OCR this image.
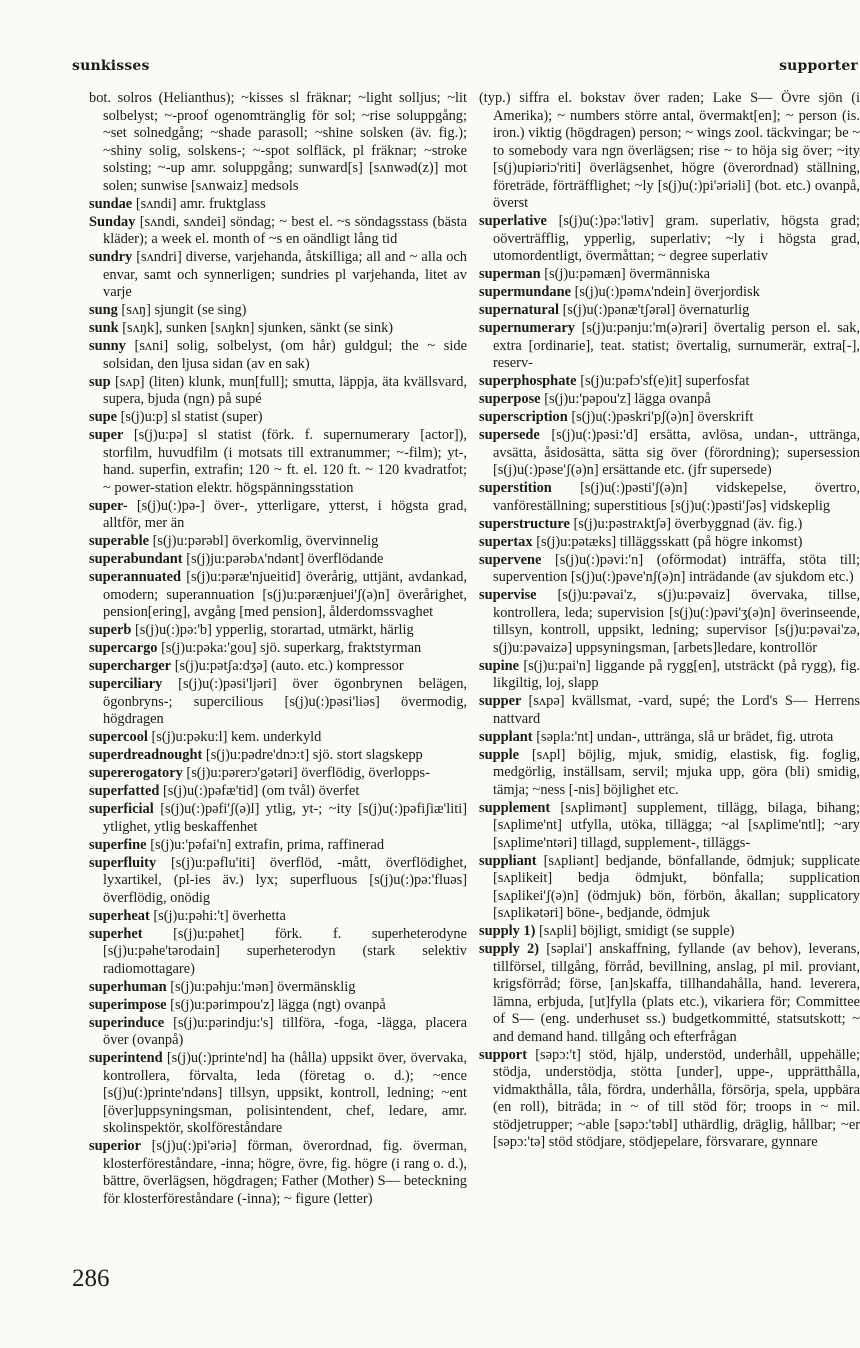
sunkisses	supporter

bot. solros (Helianthus); ~kisses sl fräknar; ~light solljus; ~lit solbelyst; ~-proof ogenomtränglig för sol; ~rise soluppgång; ~set solnedgång; ~shade parasoll; ~shine solsken (äv. fig.); ~shiny solig, solskens-; ~-spot solfläck, pl fräknar; ~stroke solsting; ~-up amr. soluppgång; sunward[s] [sʌnwəd(z)] mot solen; sunwise [sʌnwaiz] medsols

sundae [sʌndi] amr. fruktglass

Sunday [sʌndi, sʌndei] söndag; ~ best el. ~s söndagsstass (bästa kläder); a week el. month of ~s en oändligt lång tid

sundry [sʌndri] diverse, varjehanda, åtskilliga; all and ~ alla och envar, samt och synnerligen; sundries pl varjehanda, litet av varje

sung [sʌŋ] sjungit (se sing)

sunk [sʌŋk], sunken [sʌŋkn] sjunken, sänkt (se sink)

sunny [sʌni] solig, solbelyst, (om hår) guldgul; the ~ side solsidan, den ljusa sidan (av en sak)

sup [sʌp] (liten) klunk, mun[full]; smutta, läppja, äta kvällsvard, supera, bjuda (ngn) på supé

supe [s(j)u:p] sl statist (super)

super [s(j)u:pə] sl statist (förk. f. supernumerary [actor]), storfilm, huvudfilm (i motsats till extranummer; ~-film); yt-, hand. superfin, extrafin; 120 ~ ft. el. 120 ft. ~ 120 kvadratfot; ~ power-station elektr. högspänningsstation

super- [s(j)u(:)pə-] över-, ytterligare, ytterst, i högsta grad, alltför, mer än

superable [s(j)u:pərəbl] överkomlig, övervinnelig

superabundant [s(j)ju:pərəbʌ'ndənt] överflödande

superannuated [s(j)u:pəræ'njueitid] överårig, uttjänt, avdankad, omodern; superannuation [s(j)u:pərænjuei'ʃ(ə)n] överårighet, pension[ering], avgång [med pension], ålderdomssvaghet

superb [s(j)u(:)pə:'b] ypperlig, storartad, utmärkt, härlig

supercargo [s(j)u:pəka:'gou] sjö. superkarg, fraktstyrman

supercharger [s(j)u:pətʃa:dʒə] (auto. etc.) kompressor

superciliary [s(j)u(:)pəsi'ljəri] över ögonbrynen belägen, ögonbryns-; supercilious [s(j)u(:)pəsi'liəs] övermodig, högdragen

supercool [s(j)u:pəku:l] kem. underkyld

superdreadnought [s(j)u:pədre'dnɔ:t] sjö. stort slagskepp

supererogatory [s(j)u:pərerɔ'gətəri] överflödig, överlopps-

superfatted [s(j)u(:)pəfæ'tid] (om tvål) överfet

superficial [s(j)u(:)pəfi'ʃ(ə)l] ytlig, yt-; ~ity [s(j)u(:)pəfiʃiæ'liti] ytlighet, ytlig beskaffenhet

superfine [s(j)u:'pəfai'n] extrafin, prima, raffinerad

superfluity [s(j)u:pəflu'iti] överflöd, -mått, överflödighet, lyxartikel, (pl-ies äv.) lyx; superfluous [s(j)u(:)pə:'fluəs] överflödig, onödig

superheat [s(j)u:pəhi:'t] överhetta

superhet [s(j)u:pəhet] förk. f. superheterodyne [s(j)u:pəhe'tərodain] superheterodyn (stark selektiv radiomottagare)

superhuman [s(j)u:pəhju:'mən] övermänsklig

superimpose [s(j)u:pərimpou'z] lägga (ngt) ovanpå

superinduce [s(j)u:pərindju:'s] tillföra, -foga, -lägga, placera över (ovanpå)

superintend [s(j)u(:)printe'nd] ha (hålla) uppsikt över, övervaka, kontrollera, förvalta, leda (företag o. d.); ~ence [s(j)u(:)printe'ndəns] tillsyn, uppsikt, kontroll, ledning; ~ent [över]uppsyningsman, polisintendent, chef, ledare, amr. skolinspektör, skolföreståndare

superior [s(j)u(:)pi'əriə] förman, överordnad, fig. överman, klosterföreståndare, -inna; högre, övre, fig. högre (i rang o. d.), bättre, överlägsen, högdragen; Father (Mother) S— beteckning för klosterföreståndare (-inna); ~ figure (letter)

(typ.) siffra el. bokstav över raden; Lake S— Övre sjön (i Amerika); ~ numbers större antal, övermakt[en]; ~ person (is. iron.) viktig (högdragen) person; ~ wings zool. täckvingar; be ~ to somebody vara ngn överlägsen; rise ~ to höja sig över; ~ity [s(j)upiəriɔ'riti] överlägsenhet, högre (överordnad) ställning, företräde, förträfflighet; ~ly [s(j)u(:)pi'əriəli] (bot. etc.) ovanpå, överst

superlative [s(j)u(:)pə:'lətiv] gram. superlativ, högsta grad; oöverträfflig, ypperlig, superlativ; ~ly i högsta grad, utomordentligt, övermåttan; ~ degree superlativ

superman [s(j)u:pəmæn] övermänniska

supermundane [s(j)u(:)pəmʌ'ndein] överjordisk

supernatural [s(j)u(:)pənæ'tʃərəl] övernaturlig

supernumerary [s(j)u:pənju:'m(ə)rəri] övertalig person el. sak, extra [ordinarie], teat. statist; övertalig, surnumerär, extra[-], reserv-

superphosphate [s(j)u:pəfɔ'sf(e)it] superfosfat

superpose [s(j)u:'pəpou'z] lägga ovanpå

superscription [s(j)u(:)pəskri'pʃ(ə)n] överskrift

supersede [s(j)u(:)pəsi:'d] ersätta, avlösa, undan-, uttränga, avsätta, åsidosätta, sätta sig över (förordning); supersession [s(j)u(:)pəse'ʃ(ə)n] ersättande etc. (jfr supersede)

superstition [s(j)u(:)pəsti'ʃ(ə)n] vidskepelse, övertro, vanföreställning; superstitious [s(j)u(:)pəsti'ʃəs] vidskeplig

superstructure [s(j)u:pəstrʌktʃə] överbyggnad (äv. fig.)

supertax [s(j)u:pətæks] tilläggsskatt (på högre inkomst)

supervene [s(j)u(:)pəvi:'n] (oförmodat) inträffa, stöta till; supervention [s(j)u(:)pəve'nʃ(ə)n] inträdande (av sjukdom etc.)

supervise [s(j)u:pəvai'z, s(j)u:pəvaiz] övervaka, tillse, kontrollera, leda; supervision [s(j)u(:)pəvi'ʒ(ə)n] överinseende, tillsyn, kontroll, uppsikt, ledning; supervisor [s(j)u:pəvai'zə, s(j)u:pəvaizə] uppsyningsman, [arbets]ledare, kontrollör

supine [s(j)u:pai'n] liggande på rygg[en], utsträckt (på rygg), fig. likgiltig, loj, slapp

supper [sʌpə] kvällsmat, -vard, supé; the Lord's S— Herrens nattvard

supplant [səpla:'nt] undan-, uttränga, slå ur brädet, fig. utrota

supple [sʌpl] böjlig, mjuk, smidig, elastisk, fig. foglig, medgörlig, inställsam, servil; mjuka upp, göra (bli) smidig, tämja; ~ness [-nis] böjlighet etc.

supplement [sʌplimənt] supplement, tillägg, bilaga, bihang; [sʌplime'nt] utfylla, utöka, tillägga; ~al [sʌplime'ntl]; ~ary [sʌplime'ntəri] tillagd, supplement-, tilläggs-

suppliant [sʌpliənt] bedjande, bönfallande, ödmjuk; supplicate [sʌplikeit] bedja ödmjukt, bönfalla; supplication [sʌplikei'ʃ(ə)n] (ödmjuk) bön, förbön, åkallan; supplicatory [sʌplikətəri] böne-, bedjande, ödmjuk

supply 1) [sʌpli] böjligt, smidigt (se supple)

supply 2) [səplai'] anskaffning, fyllande (av behov), leverans, tillförsel, tillgång, förråd, bevillning, anslag, pl mil. proviant, krigsförråd; förse, [an]skaffa, tillhandahålla, hand. leverera, lämna, erbjuda, [ut]fylla (plats etc.), vikariera för; Committee of S— (eng. underhuset ss.) budgetkommitté, statsutskott; ~ and demand hand. tillgång och efterfrågan

support [səpɔ:'t] stöd, hjälp, understöd, underhåll, uppehälle; stödja, understödja, stötta [under], uppe-, upprätthålla, vidmakthålla, tåla, fördra, underhålla, försörja, spela, uppbära (en roll), biträda; in ~ of till stöd för; troops in ~ mil. stödjetrupper; ~able [səpɔ:'təbl] uthärdlig, dräglig, hållbar; ~er [səpɔ:'tə] stöd stödjare, stödjepelare, försvarare, gynnare

286
